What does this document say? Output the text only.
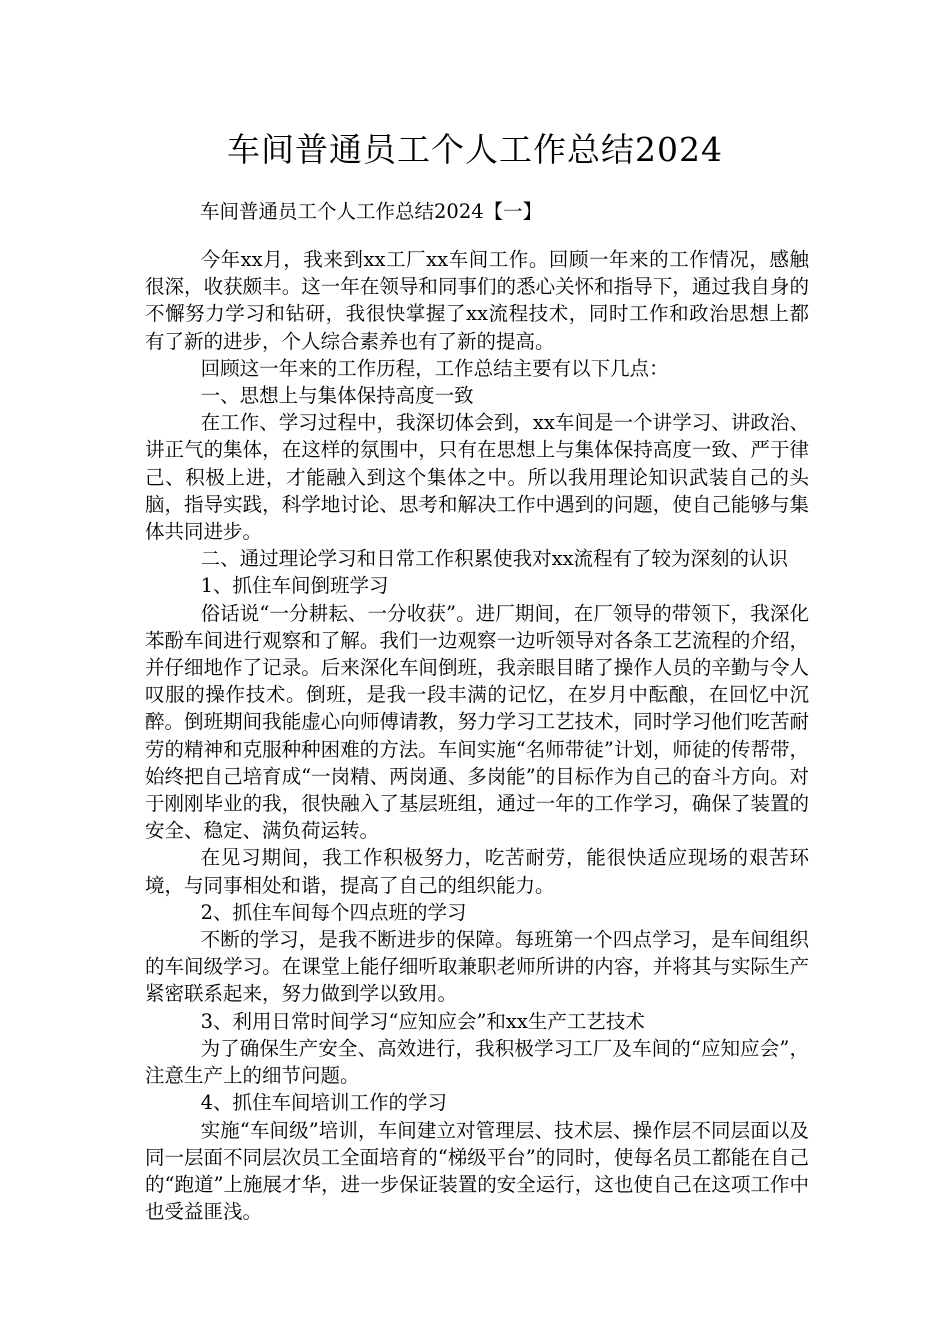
车间普通员工个人工作总结2024
车间普通员工个人工作总结2024【一】

今年xx月，我来到xx工厂xx车间工作。回顾一年来的工作情况，感触很深，收获颇丰。这一年在领导和同事们的悉心关怀和指导下，通过我自身的不懈努力学习和钻研，我很快掌握了xx流程技术，同时工作和政治思想上都有了新的进步，个人综合素养也有了新的提高。

回顾这一年来的工作历程，工作总结主要有以下几点：

一、思想上与集体保持高度一致

在工作、学习过程中，我深切体会到，xx车间是一个讲学习、讲政治、讲正气的集体，在这样的氛围中，只有在思想上与集体保持高度一致、严于律己、积极上进，才能融入到这个集体之中。所以我用理论知识武装自己的头脑，指导实践，科学地讨论、思考和解决工作中遇到的问题，使自己能够与集体共同进步。

二、通过理论学习和日常工作积累使我对xx流程有了较为深刻的认识

1、抓住车间倒班学习

俗话说“一分耕耘、一分收获”。进厂期间，在厂领导的带领下，我深化苯酚车间进行观察和了解。我们一边观察一边听领导对各条工艺流程的介绍，并仔细地作了记录。后来深化车间倒班，我亲眼目睹了操作人员的辛勤与令人叹服的操作技术。倒班，是我一段丰满的记忆，在岁月中酝酿，在回忆中沉醉。倒班期间我能虚心向师傅请教，努力学习工艺技术，同时学习他们吃苦耐劳的精神和克服种种困难的方法。车间实施“名师带徒”计划，师徒的传帮带，始终把自己培育成“一岗精、两岗通、多岗能”的目标作为自己的奋斗方向。对于刚刚毕业的我，很快融入了基层班组，通过一年的工作学习，确保了装置的安全、稳定、满负荷运转。

在见习期间，我工作积极努力，吃苦耐劳，能很快适应现场的艰苦环境，与同事相处和谐，提高了自己的组织能力。

2、抓住车间每个四点班的学习

不断的学习，是我不断进步的保障。每班第一个四点学习，是车间组织的车间级学习。在课堂上能仔细听取兼职老师所讲的内容，并将其与实际生产紧密联系起来，努力做到学以致用。

3、利用日常时间学习“应知应会”和xx生产工艺技术

为了确保生产安全、高效进行，我积极学习工厂及车间的“应知应会”，注意生产上的细节问题。

4、抓住车间培训工作的学习

实施“车间级”培训，车间建立对管理层、技术层、操作层不同层面以及同一层面不同层次员工全面培育的“梯级平台”的同时，使每名员工都能在自己的“跑道”上施展才华，进一步保证装置的安全运行，这也使自己在这项工作中也受益匪浅。
